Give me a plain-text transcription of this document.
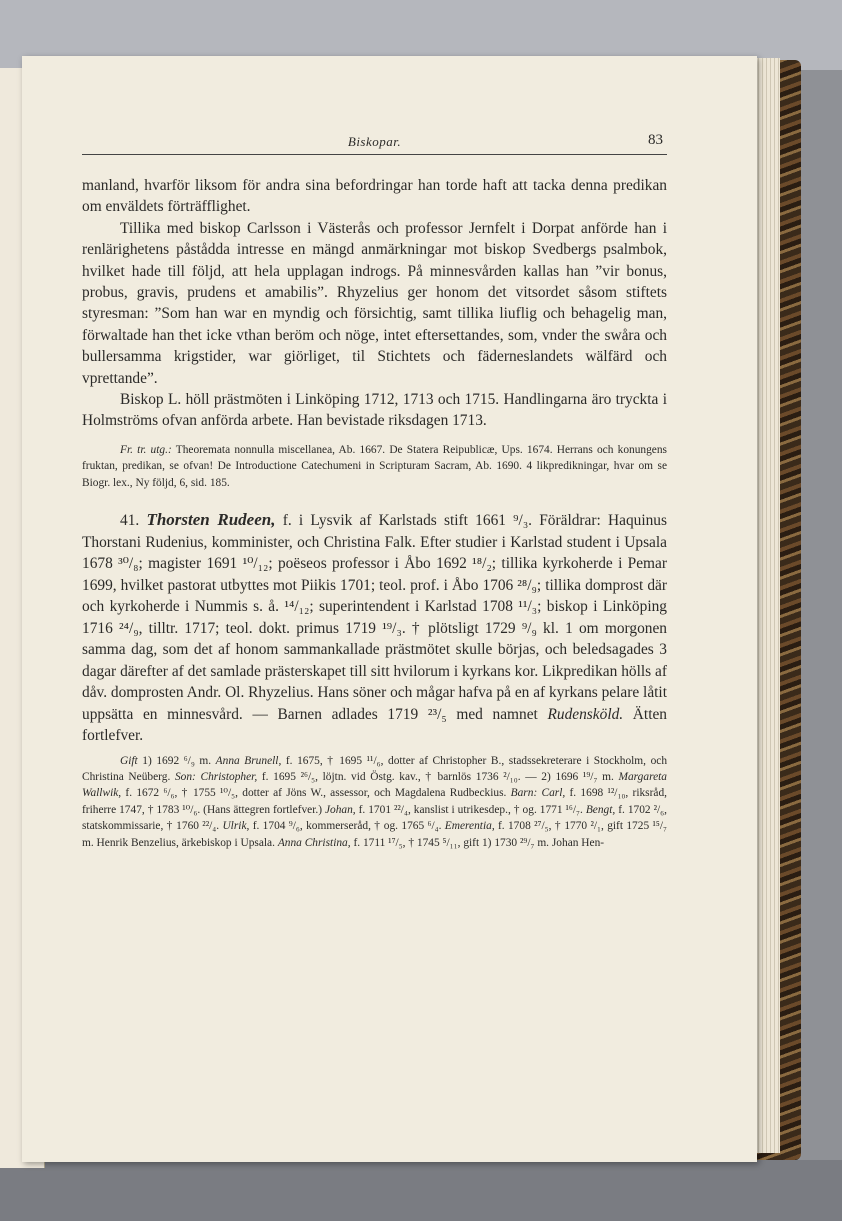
Biskopar.	83

manland, hvarför liksom för andra sina befordringar han torde haft att tacka denna predikan om enväldets förträfflighet.

Tillika med biskop Carlsson i Västerås och professor Jernfelt i Dorpat anförde han i renlärighetens påstådda intresse en mängd anmärkningar mot biskop Svedbergs psalmbok, hvilket hade till följd, att hela upplagan indrogs. På minnesvården kallas han ”vir bonus, probus, gravis, prudens et amabilis”. Rhyzelius ger honom det vitsordet såsom stiftets styresman: ”Som han war en myndig och försichtig, samt tillika liuflig och behagelig man, förwaltade han thet icke vthan beröm och nöge, intet eftersettandes, som, vnder the swåra och bullersamma krigstider, war giörliget, til Stichtets och fäderneslandets wälfärd och vprettande”.

Biskop L. höll prästmöten i Linköping 1712, 1713 och 1715. Handlingarna äro tryckta i Holmströms ofvan anförda arbete. Han bevistade riksdagen 1713.

Fr. tr. utg.: Theoremata nonnulla miscellanea, Ab. 1667. De Statera Reipublicæ, Ups. 1674. Herrans och konungens fruktan, predikan, se ofvan! De Introductione Catechumeni in Scripturam Sacram, Ab. 1690. 4 likpredikningar, hvar om se Biogr. lex., Ny följd, 6, sid. 185.

41. Thorsten Rudeen, f. i Lysvik af Karlstads stift 1661 ⁹/₃. Föräldrar: Haquinus Thorstani Rudenius, komminister, och Christina Falk. Efter studier i Karlstad student i Upsala 1678 ³⁰/₈; magister 1691 ¹⁰/₁₂; poëseos professor i Åbo 1692 ¹⁸/₂; tillika kyrkoherde i Pemar 1699, hvilket pastorat utbyttes mot Piikis 1701; teol. prof. i Åbo 1706 ²⁸/₉; tillika domprost där och kyrkoherde i Nummis s. å. ¹⁴/₁₂; superintendent i Karlstad 1708 ¹¹/₃; biskop i Linköping 1716 ²⁴/₉, tilltr. 1717; teol. dokt. primus 1719 ¹⁹/₃. † plötsligt 1729 ⁹/₉ kl. 1 om morgonen samma dag, som det af honom sammankallade prästmötet skulle börjas, och beledsagades 3 dagar därefter af det samlade prästerskapet till sitt hvilorum i kyrkans kor. Likpredikan hölls af dåv. domprosten Andr. Ol. Rhyzelius. Hans söner och mågar hafva på en af kyrkans pelare låtit uppsätta en minnesvård. — Barnen adlades 1719 ²³/₅ med namnet Rudensköld. Ätten fortlefver.

Gift 1) 1692 ⁶/₉ m. Anna Brunell, f. 1675, † 1695 ¹¹/₆, dotter af Christopher B., stadssekreterare i Stockholm, och Christina Neüberg. Son: Christopher, f. 1695 ²⁶/₅, löjtn. vid Östg. kav., † barnlös 1736 ²/₁₀. — 2) 1696 ¹⁹/₇ m. Margareta Wallwik, f. 1672 ⁶/₆, † 1755 ¹⁰/₅, dotter af Jöns W., assessor, och Magdalena Rudbeckius. Barn: Carl, f. 1698 ¹²/₁₀, riksråd, friherre 1747, † 1783 ¹⁰/₆. (Hans ättegren fortlefver.) Johan, f. 1701 ²²/₄, kanslist i utrikesdep., † og. 1771 ¹⁶/₇. Bengt, f. 1702 ²/₆, statskommissarie, † 1760 ²²/₄. Ulrik, f. 1704 ⁹/₆, kommerseråd, † og. 1765 ⁶/₄. Emerentia, f. 1708 ²⁷/₅, † 1770 ²/₁, gift 1725 ¹⁵/₇ m. Henrik Benzelius, ärkebiskop i Upsala. Anna Christina, f. 1711 ¹⁷/₅, † 1745 ⁵/₁₁, gift 1) 1730 ²⁹/₇ m. Johan Hen-
